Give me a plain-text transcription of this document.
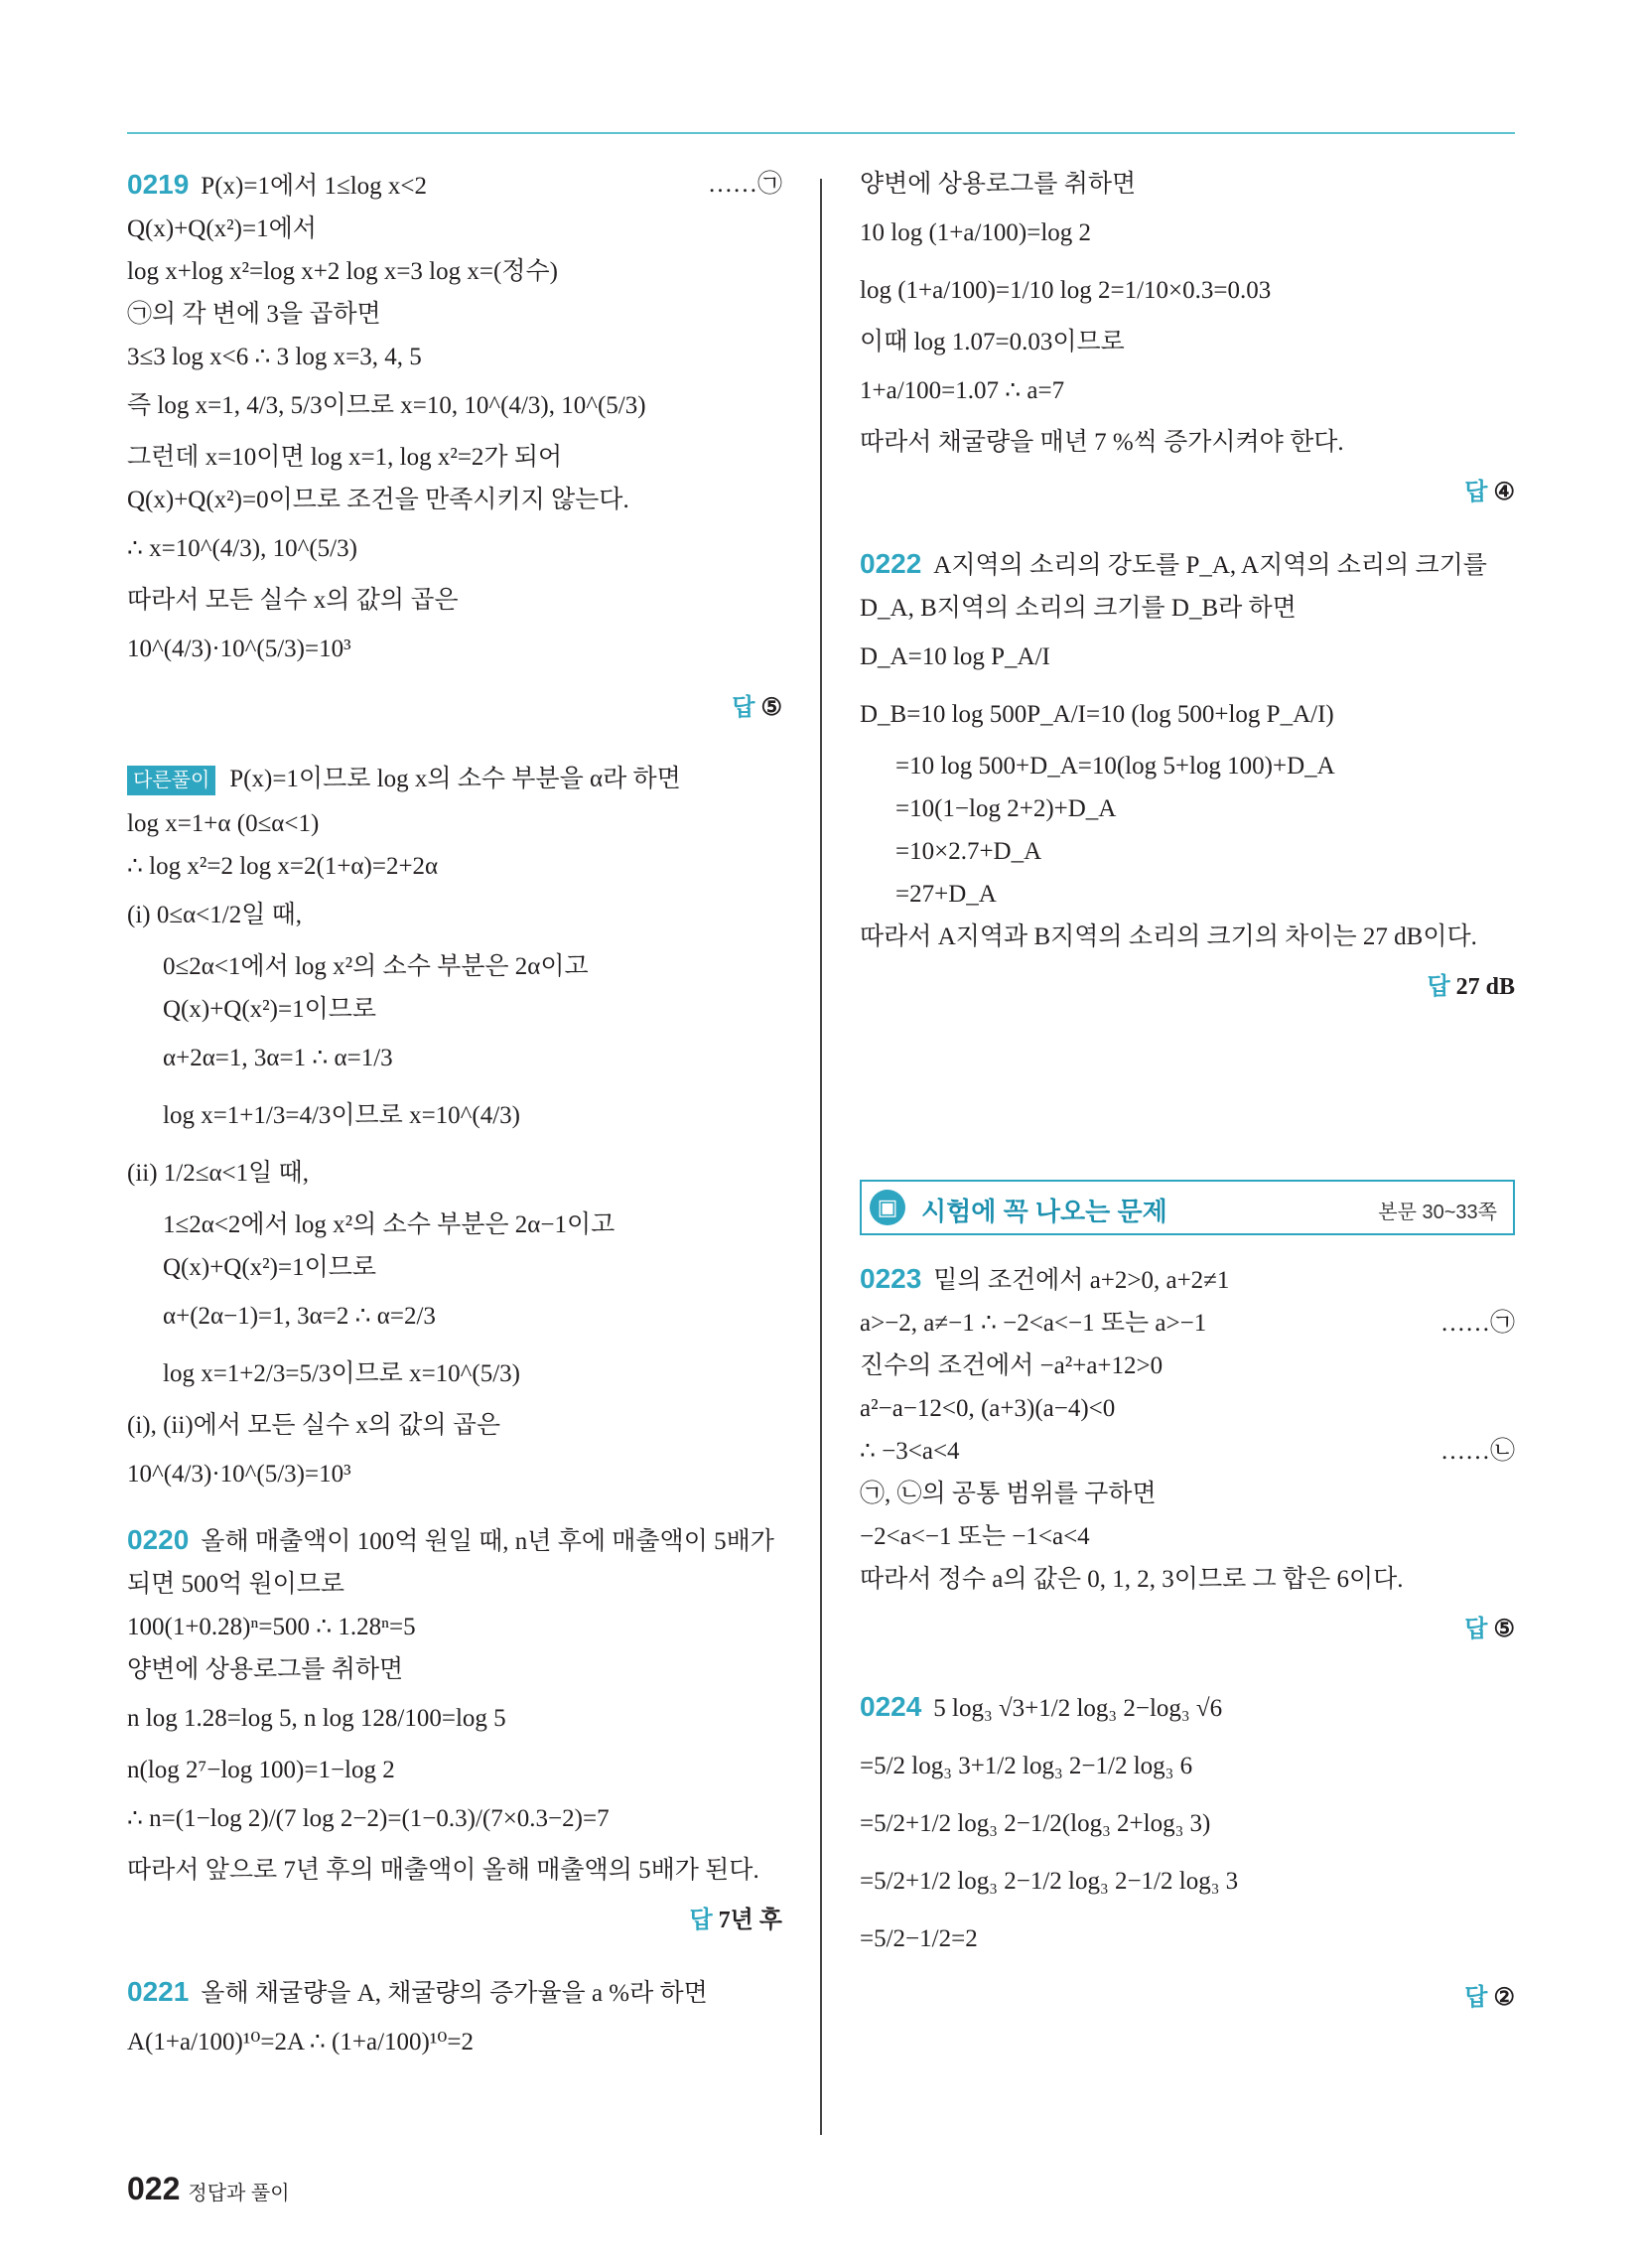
0219 P(x)=1에서 1≤log x<2	……㉠
Q(x)+Q(x²)=1에서
log x+log x²=log x+2 log x=3 log x=(정수)
㉠의 각 변에 3을 곱하면
3≤3 log x<6 ∴ 3 log x=3, 4, 5
즉 log x=1, 4/3, 5/3이므로 x=10, 10^(4/3), 10^(5/3)
그런데 x=10이면 log x=1, log x²=2가 되어
Q(x)+Q(x²)=0이므로 조건을 만족시키지 않는다.
∴ x=10^(4/3), 10^(5/3)
따라서 모든 실수 x의 값의 곱은
10^(4/3)·10^(5/3)=10³
답 ⑤
다른풀이 P(x)=1이므로 log x의 소수 부분을 α라 하면
log x=1+α (0≤α<1)
∴ log x²=2 log x=2(1+α)=2+2α
(i) 0≤α<1/2일 때,
0≤2α<1에서 log x²의 소수 부분은 2α이고
Q(x)+Q(x²)=1이므로
α+2α=1, 3α=1 ∴ α=1/3
log x=1+1/3=4/3이므로 x=10^(4/3)
(ii) 1/2≤α<1일 때,
1≤2α<2에서 log x²의 소수 부분은 2α−1이고
Q(x)+Q(x²)=1이므로
α+(2α−1)=1, 3α=2 ∴ α=2/3
log x=1+2/3=5/3이므로 x=10^(5/3)
(i), (ii)에서 모든 실수 x의 값의 곱은
10^(4/3)·10^(5/3)=10³
0220 올해 매출액이 100억 원일 때, n년 후에 매출액이 5배가
되면 500억 원이므로
100(1+0.28)ⁿ=500 ∴ 1.28ⁿ=5
양변에 상용로그를 취하면
n log 1.28=log 5, n log 128/100=log 5
n(log 2⁷−log 100)=1−log 2
∴ n=(1−log 2)/(7 log 2−2)=(1−0.3)/(7×0.3−2)=7
따라서 앞으로 7년 후의 매출액이 올해 매출액의 5배가 된다.
답 7년 후
0221 올해 채굴량을 A, 채굴량의 증가율을 a %라 하면
A(1+a/100)¹⁰=2A ∴ (1+a/100)¹⁰=2
양변에 상용로그를 취하면
10 log (1+a/100)=log 2
log (1+a/100)=1/10 log 2=1/10×0.3=0.03
이때 log 1.07=0.03이므로
1+a/100=1.07 ∴ a=7
따라서 채굴량을 매년 7 %씩 증가시켜야 한다.
답 ④
0222 A지역의 소리의 강도를 P_A, A지역의 소리의 크기를
D_A, B지역의 소리의 크기를 D_B라 하면
D_A=10 log P_A/I
D_B=10 log 500P_A/I=10 (log 500+log P_A/I)
=10 log 500+D_A=10(log 5+log 100)+D_A
=10(1−log 2+2)+D_A
=10×2.7+D_A
=27+D_A
따라서 A지역과 B지역의 소리의 크기의 차이는 27 dB이다.
답 27 dB
▣ 시험에 꼭 나오는 문제	본문 30~33쪽
0223 밑의 조건에서 a+2>0, a+2≠1
a>−2, a≠−1 ∴ −2<a<−1 또는 a>−1	……㉠
진수의 조건에서 −a²+a+12>0
a²−a−12<0, (a+3)(a−4)<0
∴ −3<a<4	……㉡
㉠, ㉡의 공통 범위를 구하면
−2<a<−1 또는 −1<a<4
따라서 정수 a의 값은 0, 1, 2, 3이므로 그 합은 6이다.
답 ⑤
0224 5 log₃ √3+1/2 log₃ 2−log₃ √6
=5/2 log₃ 3+1/2 log₃ 2−1/2 log₃ 6
=5/2+1/2 log₃ 2−1/2(log₃ 2+log₃ 3)
=5/2+1/2 log₃ 2−1/2 log₃ 2−1/2 log₃ 3
=5/2−1/2=2
답 ②
022 정답과 풀이
